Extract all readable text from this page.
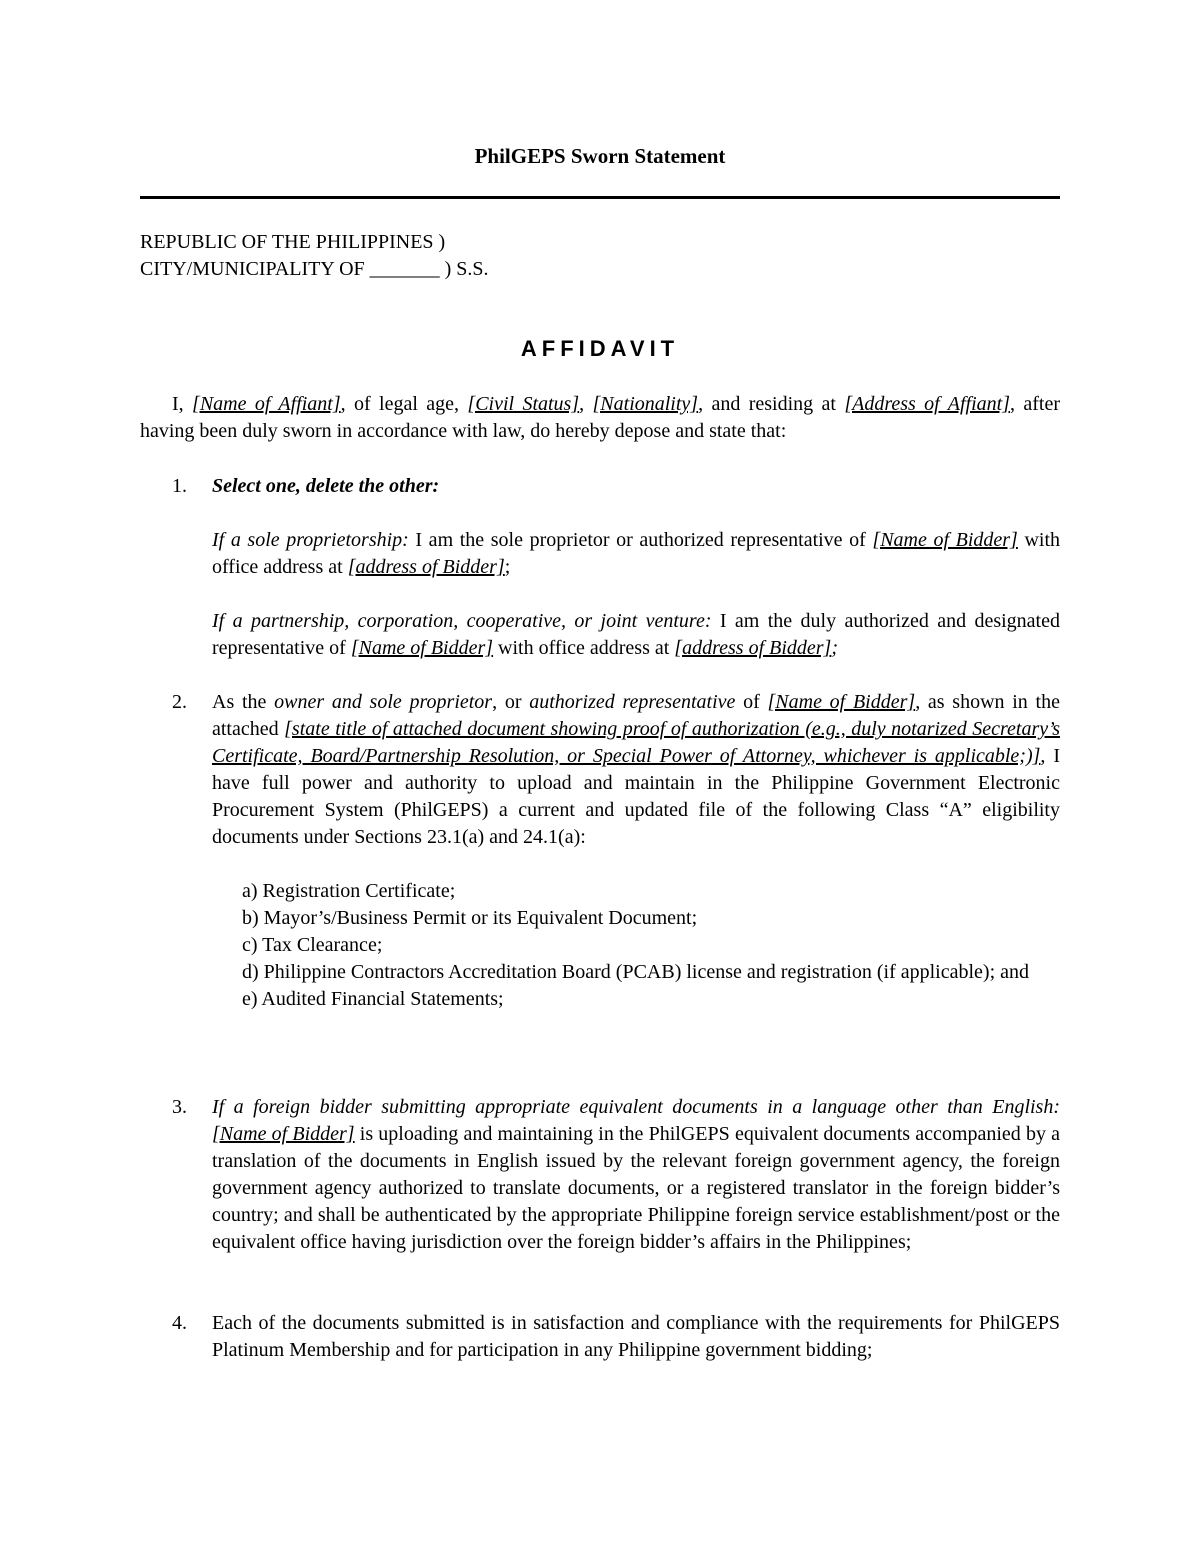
PhilGEPS Sworn Statement
REPUBLIC OF THE PHILIPPINES )
CITY/MUNICIPALITY OF _______ ) S.S.
AFFIDAVIT
I, [Name of Affiant], of legal age, [Civil Status], [Nationality], and residing at [Address of Affiant], after having been duly sworn in accordance with law, do hereby depose and state that:
1. Select one, delete the other:

If a sole proprietorship: I am the sole proprietor or authorized representative of [Name of Bidder] with office address at [address of Bidder];

If a partnership, corporation, cooperative, or joint venture: I am the duly authorized and designated representative of [Name of Bidder] with office address at [address of Bidder];

2. As the owner and sole proprietor, or authorized representative of [Name of Bidder], as shown in the attached [state title of attached document showing proof of authorization (e.g., duly notarized Secretary’s Certificate, Board/Partnership Resolution, or Special Power of Attorney, whichever is applicable;)], I have full power and authority to upload and maintain in the Philippine Government Electronic Procurement System (PhilGEPS) a current and updated file of the following Class “A” eligibility documents under Sections 23.1(a) and 24.1(a):
a) Registration Certificate;
b) Mayor’s/Business Permit or its Equivalent Document;
c) Tax Clearance;
d) Philippine Contractors Accreditation Board (PCAB) license and registration (if applicable); and
e) Audited Financial Statements;
3. If a foreign bidder submitting appropriate equivalent documents in a language other than English: [Name of Bidder] is uploading and maintaining in the PhilGEPS equivalent documents accompanied by a translation of the documents in English issued by the relevant foreign government agency, the foreign government agency authorized to translate documents, or a registered translator in the foreign bidder’s country; and shall be authenticated by the appropriate Philippine foreign service establishment/post or the equivalent office having jurisdiction over the foreign bidder’s affairs in the Philippines;
4. Each of the documents submitted is in satisfaction and compliance with the requirements for PhilGEPS Platinum Membership and for participation in any Philippine government bidding;
